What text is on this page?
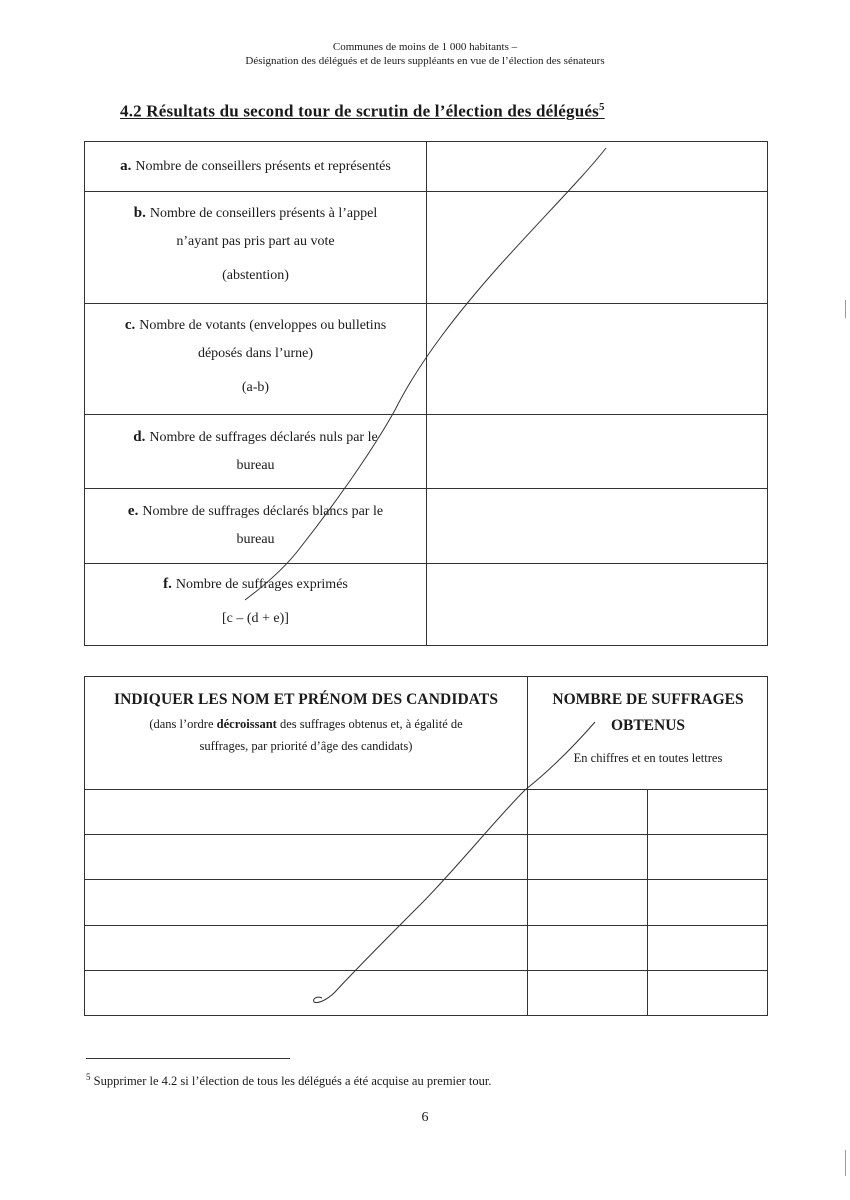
Communes de moins de 1 000 habitants –
Désignation des délégués et de leurs suppléants en vue de l’élection des sénateurs
4.2 Résultats du second tour de scrutin de l’élection des délégués$^5$
a. Nombre de conseillers présents et représentés
b. Nombre de conseillers présents à l’appel
n’ayant pas pris part au vote
(abstention)
c. Nombre de votants (enveloppes ou bulletins
déposés dans l’urne)
(a-b)
d. Nombre de suffrages déclarés nuls par le
bureau
e. Nombre de suffrages déclarés blancs par le
bureau
f. Nombre de suffrages exprimés
[c – (d + e)]
INDIQUER LES NOM ET PRÉNOM DES CANDIDATS
(dans l’ordre décroissant des suffrages obtenus et, à égalité de
suffrages, par priorité d’âge des candidats)
NOMBRE DE SUFFRAGES
OBTENUS
En chiffres et en toutes lettres
$^5$ Supprimer le 4.2 si l’élection de tous les délégués a été acquise au premier tour.
6
